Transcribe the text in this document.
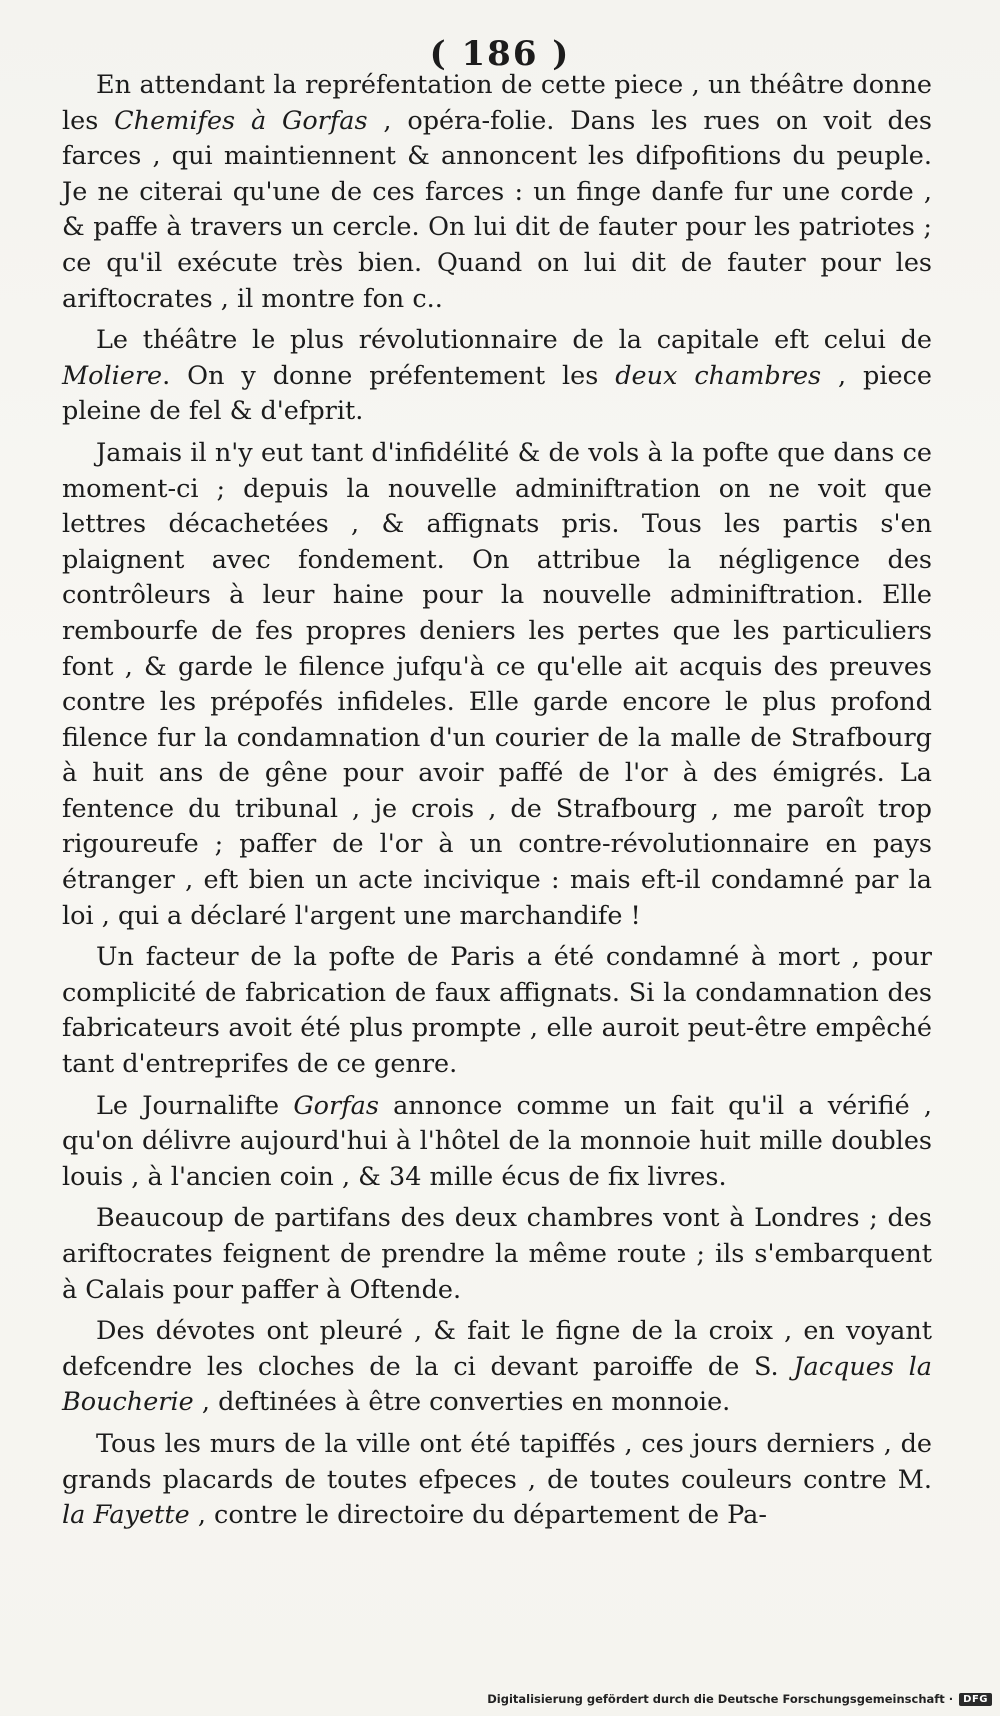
( 186 )

En attendant la repréfentation de cette piece , un théâtre donne les Chemifes à Gorfas , opéra-folie. Dans les rues on voit des farces , qui maintiennent & annoncent les difpofitions du peuple. Je ne citerai qu'une de ces farces : un finge danfe fur une corde , & paffe à travers un cercle. On lui dit de fauter pour les patriotes ; ce qu'il exécute très bien. Quand on lui dit de fauter pour les ariftocrates , il montre fon c..

Le théâtre le plus révolutionnaire de la capitale eft celui de Moliere. On y donne préfentement les deux chambres , piece pleine de fel & d'efprit.

Jamais il n'y eut tant d'infidélité & de vols à la pofte que dans ce moment-ci ; depuis la nouvelle adminiftration on ne voit que lettres décachetées , & affignats pris. Tous les partis s'en plaignent avec fondement. On attribue la négligence des contrôleurs à leur haine pour la nouvelle adminiftration. Elle rembourfe de fes propres deniers les pertes que les particuliers font , & garde le filence jufqu'à ce qu'elle ait acquis des preuves contre les prépofés infideles. Elle garde encore le plus profond filence fur la condamnation d'un courier de la malle de Strafbourg à huit ans de gêne pour avoir paffé de l'or à des émigrés. La fentence du tribunal , je crois , de Strafbourg , me paroît trop rigoureufe ; paffer de l'or à un contre-révolutionnaire en pays étranger , eft bien un acte incivique : mais eft-il condamné par la loi , qui a déclaré l'argent une marchandife !

Un facteur de la pofte de Paris a été condamné à mort , pour complicité de fabrication de faux affignats. Si la condamnation des fabricateurs avoit été plus prompte , elle auroit peut-être empêché tant d'entreprifes de ce genre.

Le Journalifte Gorfas annonce comme un fait qu'il a vérifié , qu'on délivre aujourd'hui à l'hôtel de la monnoie huit mille doubles louis , à l'ancien coin , & 34 mille écus de fix livres.

Beaucoup de partifans des deux chambres vont à Londres ; des ariftocrates feignent de prendre la même route ; ils s'embarquent à Calais pour paffer à Oftende.

Des dévotes ont pleuré , & fait le figne de la croix , en voyant defcendre les cloches de la ci devant paroiffe de S. Jacques la Boucherie , deftinées à être converties en monnoie.

Tous les murs de la ville ont été tapiffés , ces jours derniers , de grands placards de toutes efpeces , de toutes couleurs contre M. la Fayette , contre le directoire du département de Pa-

Digitalisierung gefördert durch die Deutsche Forschungsgemeinschaft ·	DFG
